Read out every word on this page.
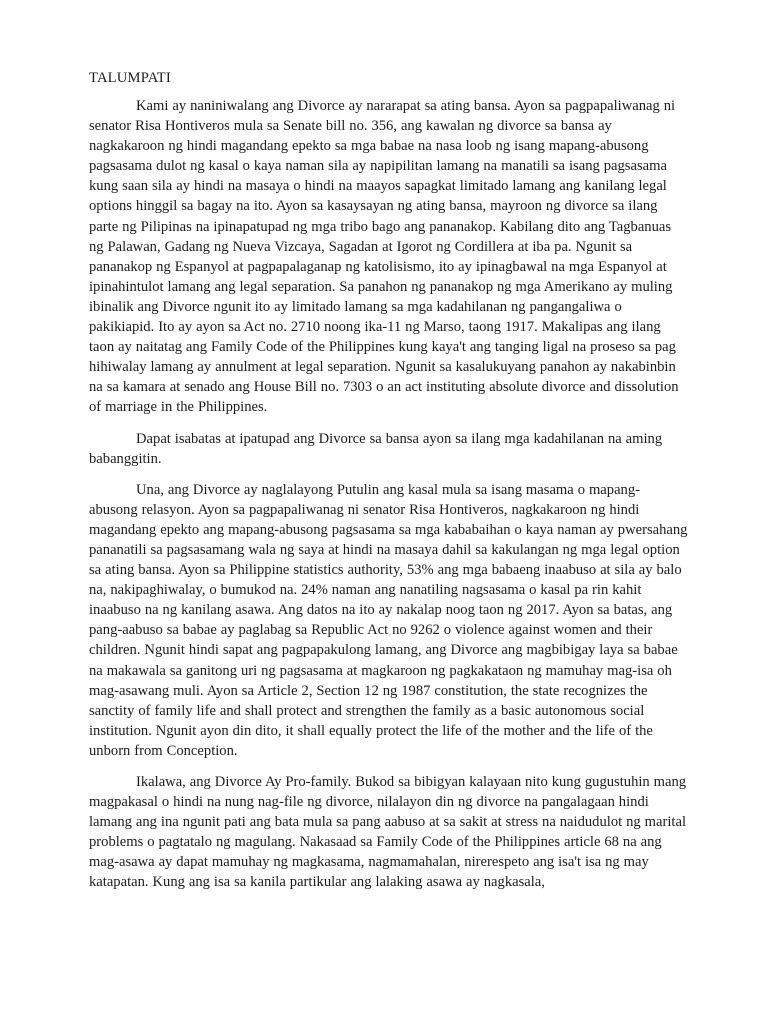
TALUMPATI

Kami ay naniniwalang ang Divorce ay nararapat sa ating bansa. Ayon sa pagpapaliwanag ni senator Risa Hontiveros mula sa Senate bill no. 356, ang kawalan ng divorce sa bansa ay nagkakaroon ng hindi magandang epekto sa mga babae na nasa loob ng isang mapang-abusong pagsasama dulot ng kasal o kaya naman sila ay napipilitan lamang na manatili sa isang pagsasama kung saan sila ay hindi na masaya o hindi na maayos sapagkat limitado lamang ang kanilang legal options hinggil sa bagay na ito. Ayon sa kasaysayan ng ating bansa, mayroon ng divorce sa ilang parte ng Pilipinas na ipinapatupad ng mga tribo bago ang pananakop. Kabilang dito ang Tagbanuas ng Palawan, Gadang ng Nueva Vizcaya, Sagadan at Igorot ng Cordillera at iba pa. Ngunit sa pananakop ng Espanyol at pagpapalaganap ng katolisismo, ito ay ipinagbawal na mga Espanyol at ipinahintulot lamang ang legal separation. Sa panahon ng pananakop ng mga Amerikano ay muling ibinalik ang Divorce ngunit ito ay limitado lamang sa mga kadahilanan ng pangangaliwa o pakikiapid. Ito ay ayon sa Act no. 2710 noong ika-11 ng Marso, taong 1917. Makalipas ang ilang taon ay naitatag ang Family Code of the Philippines kung kaya't ang tanging ligal na proseso sa pag hihiwalay lamang ay annulment at legal separation. Ngunit sa kasalukuyang panahon ay nakabinbin na sa kamara at senado ang House Bill no. 7303 o an act instituting absolute divorce and dissolution of marriage in the Philippines.

Dapat isabatas at ipatupad ang Divorce sa bansa ayon sa ilang mga kadahilanan na aming babanggitin.

Una, ang Divorce ay naglalayong Putulin ang kasal mula sa isang masama o mapang-abusong relasyon. Ayon sa pagpapaliwanag ni senator Risa Hontiveros, nagkakaroon ng hindi magandang epekto ang mapang-abusong pagsasama sa mga kababaihan o kaya naman ay pwersahang pananatili sa pagsasamang wala ng saya at hindi na masaya dahil sa kakulangan ng mga legal option sa ating bansa. Ayon sa Philippine statistics authority, 53% ang mga babaeng inaabuso at sila ay balo na, nakipaghiwalay, o bumukod na. 24% naman ang nanatiling nagsasama o kasal pa rin kahit inaabuso na ng kanilang asawa. Ang datos na ito ay nakalap noog taon ng 2017. Ayon sa batas, ang pang-aabuso sa babae ay paglabag sa Republic Act no 9262 o violence against women and their children. Ngunit hindi sapat ang pagpapakulong lamang, ang Divorce ang magbibigay laya sa babae na makawala sa ganitong uri ng pagsasama at magkaroon ng pagkakataon ng mamuhay mag-isa oh mag-asawang muli. Ayon sa Article 2, Section 12 ng 1987 constitution, the state recognizes the sanctity of family life and shall protect and strengthen the family as a basic autonomous social institution. Ngunit ayon din dito, it shall equally protect the life of the mother and the life of the unborn from Conception.

Ikalawa, ang Divorce Ay Pro-family. Bukod sa bibigyan kalayaan nito kung gugustuhin mang magpakasal o hindi na nung nag-file ng divorce, nilalayon din ng divorce na pangalagaan hindi lamang ang ina ngunit pati ang bata mula sa pang aabuso at sa sakit at stress na naidudulot ng marital problems o pagtatalo ng magulang. Nakasaad sa Family Code of the Philippines article 68 na ang mag-asawa ay dapat mamuhay ng magkasama, nagmamahalan, nirerespeto ang isa't isa ng may katapatan. Kung ang isa sa kanila partikular ang lalaking asawa ay nagkasala,
